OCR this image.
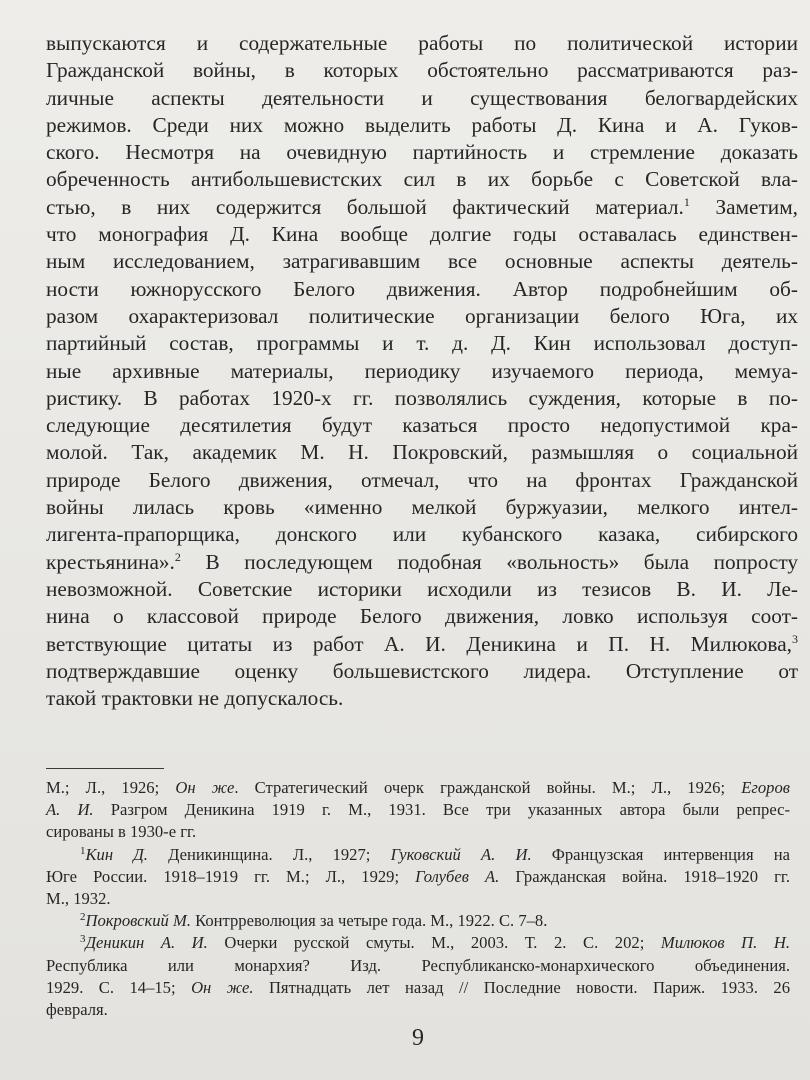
выпускаются и содержательные работы по политической истории
Гражданской войны, в которых обстоятельно рассматриваются раз-
личные аспекты деятельности и существования белогвардейских
режимов. Среди них можно выделить работы Д. Кина и А. Гуков-
ского. Несмотря на очевидную партийность и стремление доказать
обреченность антибольшевистских сил в их борьбе с Советской вла-
стью, в них содержится большой фактический материал.$^1$ Заметим,
что монография Д. Кина вообще долгие годы оставалась единствен-
ным исследованием, затрагивавшим все основные аспекты деятель-
ности южнорусского Белого движения. Автор подробнейшим об-
разом охарактеризовал политические организации белого Юга, их
партийный состав, программы и т. д. Д. Кин использовал доступ-
ные архивные материалы, периодику изучаемого периода, мемуа-
ристику. В работах 1920-х гг. позволялись суждения, которые в по-
следующие десятилетия будут казаться просто недопустимой кра-
молой. Так, академик М. Н. Покровский, размышляя о социальной
природе Белого движения, отмечал, что на фронтах Гражданской
войны лилась кровь «именно мелкой буржуазии, мелкого интел-
лигента-прапорщика, донского или кубанского казака, сибирского
крестьянина».$^2$ В последующем подобная «вольность» была попросту
невозможной. Советские историки исходили из тезисов В. И. Ле-
нина о классовой природе Белого движения, ловко используя соот-
ветствующие цитаты из работ А. И. Деникина и П. Н. Милюкова,$^3$
подтверждавшие оценку большевистского лидера. Отступление от
такой трактовки не допускалось.
М.; Л., 1926; Он же. Стратегический очерк гражданской войны. М.; Л., 1926; Егоров
А. И. Разгром Деникина 1919 г. М., 1931. Все три указанных автора были репрес-
сированы в 1930-е гг.
$^1$Кин Д. Деникинщина. Л., 1927; Гуковский А. И. Французская интервенция на
Юге России. 1918–1919 гг. М.; Л., 1929; Голубев А. Гражданская война. 1918–1920 гг.
М., 1932.
$^2$Покровский М. Контрреволюция за четыре года. М., 1922. С. 7–8.
$^3$Деникин А. И. Очерки русской смуты. М., 2003. Т. 2. С. 202; Милюков П. Н.
Республика или монархия? Изд. Республиканско-монархического объединения.
1929. С. 14–15; Он же. Пятнадцать лет назад // Последние новости. Париж. 1933. 26
февраля.
9
